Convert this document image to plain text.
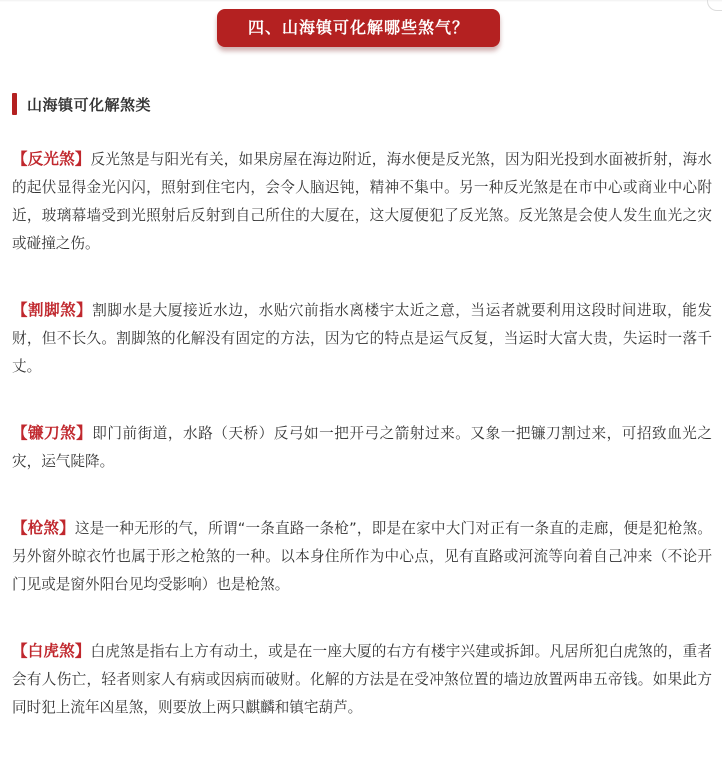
四、山海镇可化解哪些煞气？
山海镇可化解煞类

【反光煞】反光煞是与阳光有关，如果房屋在海边附近，海水便是反光煞，因为阳光投到水面被折射，海水的起伏显得金光闪闪，照射到住宅内，会令人脑迟钝，精神不集中。另一种反光煞是在市中心或商业中心附近，玻璃幕墙受到光照射后反射到自己所住的大厦在，这大厦便犯了反光煞。反光煞是会使人发生血光之灾或碰撞之伤。

【割脚煞】割脚水是大厦接近水边，水贴穴前指水离楼宇太近之意，当运者就要利用这段时间进取，能发财，但不长久。割脚煞的化解没有固定的方法，因为它的特点是运气反复，当运时大富大贵，失运时一落千丈。

【镰刀煞】即门前街道，水路（天桥）反弓如一把开弓之箭射过来。又象一把镰刀割过来，可招致血光之灾，运气陡降。

【枪煞】这是一种无形的气，所谓“一条直路一条枪”，即是在家中大门对正有一条直的走廊，便是犯枪煞。另外窗外晾衣竹也属于形之枪煞的一种。以本身住所作为中心点，见有直路或河流等向着自己冲来（不论开门见或是窗外阳台见均受影响）也是枪煞。

【白虎煞】白虎煞是指右上方有动土，或是在一座大厦的右方有楼宇兴建或拆卸。凡居所犯白虎煞的，重者会有人伤亡，轻者则家人有病或因病而破财。化解的方法是在受冲煞位置的墙边放置两串五帝钱。如果此方同时犯上流年凶星煞，则要放上两只麒麟和镇宅葫芦。
